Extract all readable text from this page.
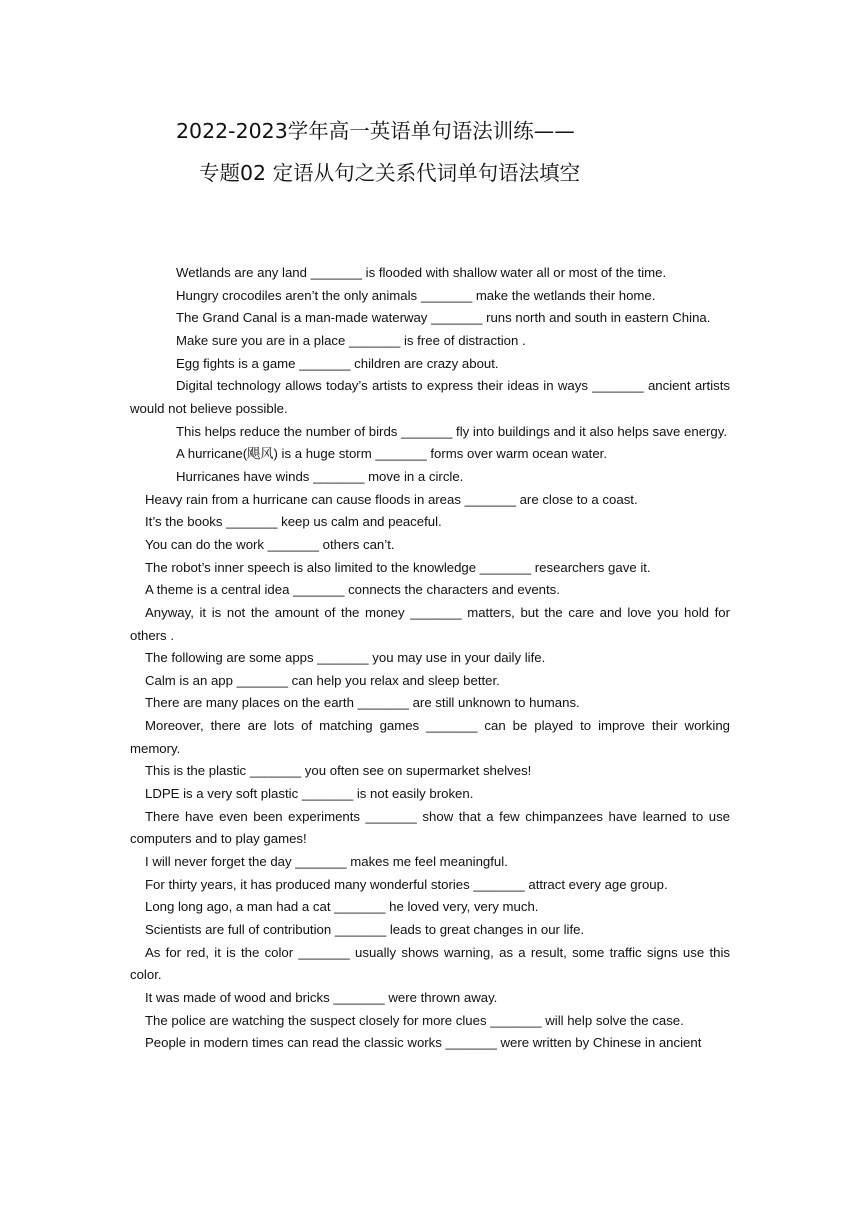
2022-2023学年高一英语单句语法训练——
专题02 定语从句之关系代词单句语法填空

Wetlands are any land _______ is flooded with shallow water all or most of the time.

Hungry crocodiles aren’t the only animals _______ make the wetlands their home.

The Grand Canal is a man-made waterway _______ runs north and south in eastern China.

Make sure you are in a place _______ is free of distraction .

Egg fights is a game _______ children are crazy about.

Digital technology allows today’s artists to express their ideas in ways _______ ancient artists would not believe possible.

This helps reduce the number of birds _______ fly into buildings and it also helps save energy.

A hurricane(飓风) is a huge storm _______ forms over warm ocean water.

Hurricanes have winds _______ move in a circle.

Heavy rain from a hurricane can cause floods in areas _______ are close to a coast.

It’s the books _______ keep us calm and peaceful.

You can do the work _______ others can’t.

The robot’s inner speech is also limited to the knowledge _______ researchers gave it.

A theme is a central idea _______ connects the characters and events.

Anyway, it is not the amount of the money _______ matters, but the care and love you hold for others .

The following are some apps _______ you may use in your daily life.

Calm is an app _______ can help you relax and sleep better.

There are many places on the earth _______ are still unknown to humans.

Moreover, there are lots of matching games _______ can be played to improve their working memory.

This is the plastic _______ you often see on supermarket shelves!

LDPE is a very soft plastic _______ is not easily broken.

There have even been experiments _______ show that a few chimpanzees have learned to use computers and to play games!

I will never forget the day _______ makes me feel meaningful.

For thirty years, it has produced many wonderful stories _______ attract every age group.

Long long ago, a man had a cat _______ he loved very, very much.

Scientists are full of contribution _______ leads to great changes in our life.

As for red, it is the color _______ usually shows warning, as a result, some traffic signs use this color.

It was made of wood and bricks _______ were thrown away.

The police are watching the suspect closely for more clues _______ will help solve the case.

People in modern times can read the classic works _______ were written by Chinese in ancient
